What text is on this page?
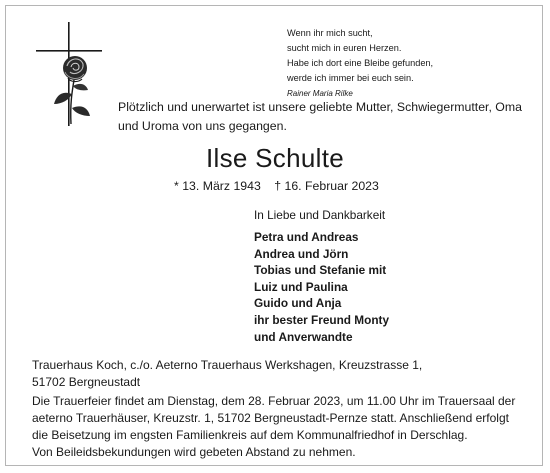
Wenn ihr mich sucht,
sucht mich in euren Herzen.
Habe ich dort eine Bleibe gefunden,
werde ich immer bei euch sein.
Rainer Maria Rilke
Plötzlich und unerwartet ist unsere geliebte Mutter, Schwiegermutter, Oma
und Uroma von uns gegangen.
Ilse Schulte
* 13. März 1943 † 16. Februar 2023
In Liebe und Dankbarkeit
Petra und Andreas
Andrea und Jörn
Tobias und Stefanie mit
Luiz und Paulina
Guido und Anja
ihr bester Freund Monty
und Anverwandte
Trauerhaus Koch, c./o. Aeterno Trauerhaus Werkshagen, Kreuzstrasse 1,
51702 Bergneustadt
Die Trauerfeier findet am Dienstag, dem 28. Februar 2023, um 11.00 Uhr im Trauersaal der
aeterno Trauerhäuser, Kreuzstr. 1, 51702 Bergneustadt-Pernze statt. Anschließend erfolgt
die Beisetzung im engsten Familienkreis auf dem Kommunalfriedhof in Derschlag.
Von Beileidsbekundungen wird gebeten Abstand zu nehmen.
